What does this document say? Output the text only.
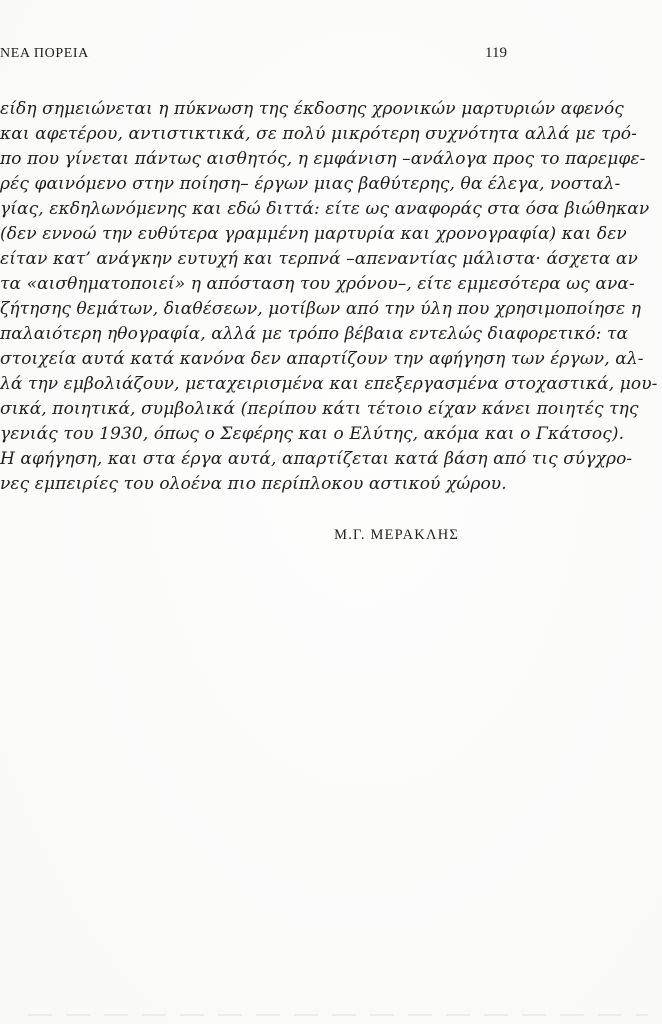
ΝΕΑ ΠΟΡΕΙΑ	119
είδη σημειώνεται η πύκνωση της έκδοσης χρονικών μαρτυριών αφενός
και αφετέρου, αντιστικτικά, σε πολύ μικρότερη συχνότητα αλλά με τρό-
πο που γίνεται πάντως αισθητός, η εμφάνιση –ανάλογα προς το παρεμφε-
ρές φαινόμενο στην ποίηση– έργων μιας βαθύτερης, θα έλεγα, νοσταλ-
γίας, εκδηλωνόμενης και εδώ διττά: είτε ως αναφοράς στα όσα βιώθηκαν
(δεν εννοώ την ευθύτερα γραμμένη μαρτυρία και χρονογραφία) και δεν
είταν κατ’ ανάγκην ευτυχή και τερπνά –απεναντίας μάλιστα· άσχετα αν
τα «αισθηματοποιεί» η απόσταση του χρόνου–, είτε εμμεσότερα ως ανα-
ζήτησης θεμάτων, διαθέσεων, μοτίβων από την ύλη που χρησιμοποίησε η
παλαιότερη ηθογραφία, αλλά με τρόπο βέβαια εντελώς διαφορετικό: τα
στοιχεία αυτά κατά κανόνα δεν απαρτίζουν την αφήγηση των έργων, αλ-
λά την εμβολιάζουν, μεταχειρισμένα και επεξεργασμένα στοχαστικά, μου-
σικά, ποιητικά, συμβολικά (περίπου κάτι τέτοιο είχαν κάνει ποιητές της
γενιάς του 1930, όπως ο Σεφέρης και ο Ελύτης, ακόμα και ο Γκάτσος).
Η αφήγηση, και στα έργα αυτά, απαρτίζεται κατά βάση από τις σύγχρο-
νες εμπειρίες του ολοένα πιο περίπλοκου αστικού χώρου.
Μ.Γ. ΜΕΡΑΚΛΗΣ
